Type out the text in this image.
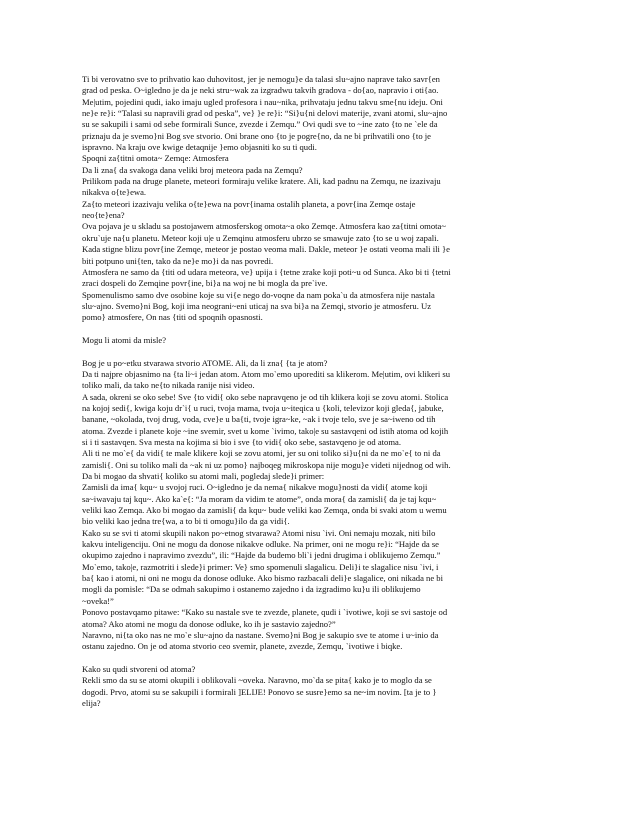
Ti bi verovatno sve to prihvatio kao duhovitost, jer je nemogu}e da talasi slu~ajno naprave tako savr{en
grad od peska. O~igledno je da je neki stru~wak za izgradwu takvih gradova - do{ao, napravio i oti{ao.
Me|utim, pojedini qudi, iako imaju ugled profesora i nau~nika, prihvataju jednu takvu sme{nu ideju. Oni
ne}e re}i: “Talasi su napravili grad od peska”, ve} }e re}i: “Si}u{ni delovi materije, zvani atomi, slu~ajno
su se sakupili i sami od sebe formirali Sunce, zvezde i Zemqu.” Ovi qudi sve to ~ine zato {to ne `ele da
priznaju da je svemo}ni Bog sve stvorio. Oni brane ono {to je pogre{no, da ne bi prihvatili ono {to je
ispravno. Na kraju ove kwige detaqnije }emo objasniti ko su ti qudi.
Spoqni za{titni omota~ Zemqe: Atmosfera
Da li zna{ da svakoga dana veliki broj meteora pada na Zemqu?
Prilikom pada na druge planete, meteori formiraju velike kratere. Ali, kad padnu na Zemqu, ne izazivaju
nikakva o{te}ewa.
Za{to meteori izazivaju velika o{te}ewa na povr{inama ostalih planeta, a povr{ina Zemqe ostaje
neo{te}ena?
Ova pojava je u skladu sa postojawem atmosferskog omota~a oko Zemqe. Atmosfera kao za{titni omota~
okru`uje na{u planetu. Meteor koji u|e u Zemqinu atmosferu ubrzo se smawuje zato {to se u woj zapali.
Kada stigne blizu povr{ine Zemqe, meteor je postao veoma mali. Dakle, meteor }e ostati veoma mali ili }e
biti potpuno uni{ten, tako da ne}e mo}i da nas povredi.
Atmosfera ne samo da {titi od udara meteora, ve} upija i {tetne zrake koji poti~u od Sunca. Ako bi ti {tetni
zraci dospeli do Zemqine povr{ine, bi}a na woj ne bi mogla da pre`ive.
Spomenulismo samo dve osobine koje su vi{e nego do-voqne da nam poka`u da atmosfera nije nastala
slu~ajno. Svemo}ni Bog, koji ima neograni~eni uticaj na sva bi}a na Zemqi, stvorio je atmosferu. Uz
pomo} atmosfere, On nas {titi od spoqnih opasnosti.
Mogu li atomi da misle?
Bog je u po~etku stvarawa stvorio ATOME. Ali, da li zna{ {ta je atom?
Da ti najpre objasnimo na {ta li~i jedan atom. Atom mo`emo uporediti sa klikerom. Me|utim, ovi klikeri su
toliko mali, da tako ne{to nikada ranije nisi video.
A sada, okreni se oko sebe! Sve {to vidi{ oko sebe napravqeno je od tih klikera koji se zovu atomi. Stolica
na kojoj sedi{, kwiga koju dr`i{ u ruci, tvoja mama, tvoja u~iteqica u {koli, televizor koji gleda{, jabuke,
banane, ~okolada, tvoj drug, voda, cve}e u ba{ti, tvoje igra~ke, ~ak i tvoje telo, sve je sa~iweno od tih
atoma. Zvezde i planete koje ~ine svemir, svet u kome `ivimo, tako|e su sastavqeni od istih atoma od kojih
si i ti sastavqen. Sva mesta na kojima si bio i sve {to vidi{ oko sebe, sastavqeno je od atoma.
Ali ti ne mo`e{ da vidi{ te male klikere koji se zovu atomi, jer su oni toliko si}u{ni da ne mo`e{ to ni da
zamisli{. Oni su toliko mali da ~ak ni uz pomo} najboqeg mikroskopa nije mogu}e videti nijednog od wih.
Da bi mogao da shvati{ koliko su atomi mali, pogledaj slede}i primer:
Zamisli da ima{ kqu~ u svojoj ruci. O~igledno je da nema{ nikakve mogu}nosti da vidi{ atome koji
sa~iwavaju taj kqu~. Ako ka`e{: “Ja moram da vidim te atome”, onda mora{ da zamisli{ da je taj kqu~
veliki kao Zemqa. Ako bi mogao da zamisli{ da kqu~ bude veliki kao Zemqa, onda bi svaki atom u wemu
bio veliki kao jedna tre{wa, a to bi ti omogu}ilo da ga vidi{.
Kako su se svi ti atomi skupili nakon po~etnog stvarawa? Atomi nisu `ivi. Oni nemaju mozak, niti bilo
kakvu inteligenciju. Oni ne mogu da donose nikakve odluke. Na primer, oni ne mogu re}i: “Hajde da se
okupimo zajedno i napravimo zvezdu”, ili: “Hajde da budemo bli`i jedni drugima i oblikujemo Zemqu.”
Mo`emo, tako|e, razmotriti i slede}i primer: Ve} smo spomenuli slagalicu. Deli}i te slagalice nisu `ivi, i
ba{ kao i atomi, ni oni ne mogu da donose odluke. Ako bismo razbacali deli}e slagalice, oni nikada ne bi
mogli da pomisle: “Da se odmah sakupimo i ostanemo zajedno i da izgradimo ku}u ili oblikujemo
~oveka!”
Ponovo postavqamo pitawe: “Kako su nastale sve te zvezde, planete, qudi i `ivotiwe, koji se svi sastoje od
atoma? Ako atomi ne mogu da donose odluke, ko ih je sastavio zajedno?”
Naravno, ni{ta oko nas ne mo`e slu~ajno da nastane. Svemo}ni Bog je sakupio sve te atome i u~inio da
ostanu zajedno. On je od atoma stvorio ceo svemir, planete, zvezde, Zemqu, `ivotiwe i biqke.
Kako su qudi stvoreni od atoma?
Rekli smo da su se atomi okupili i oblikovali ~oveka. Naravno, mo`da se pita{ kako je to moglo da se
dogodi. Prvo, atomi su se sakupili i formirali ]ELIJE! Ponovo se susre}emo sa ne~im novim. [ta je to }
elija?
